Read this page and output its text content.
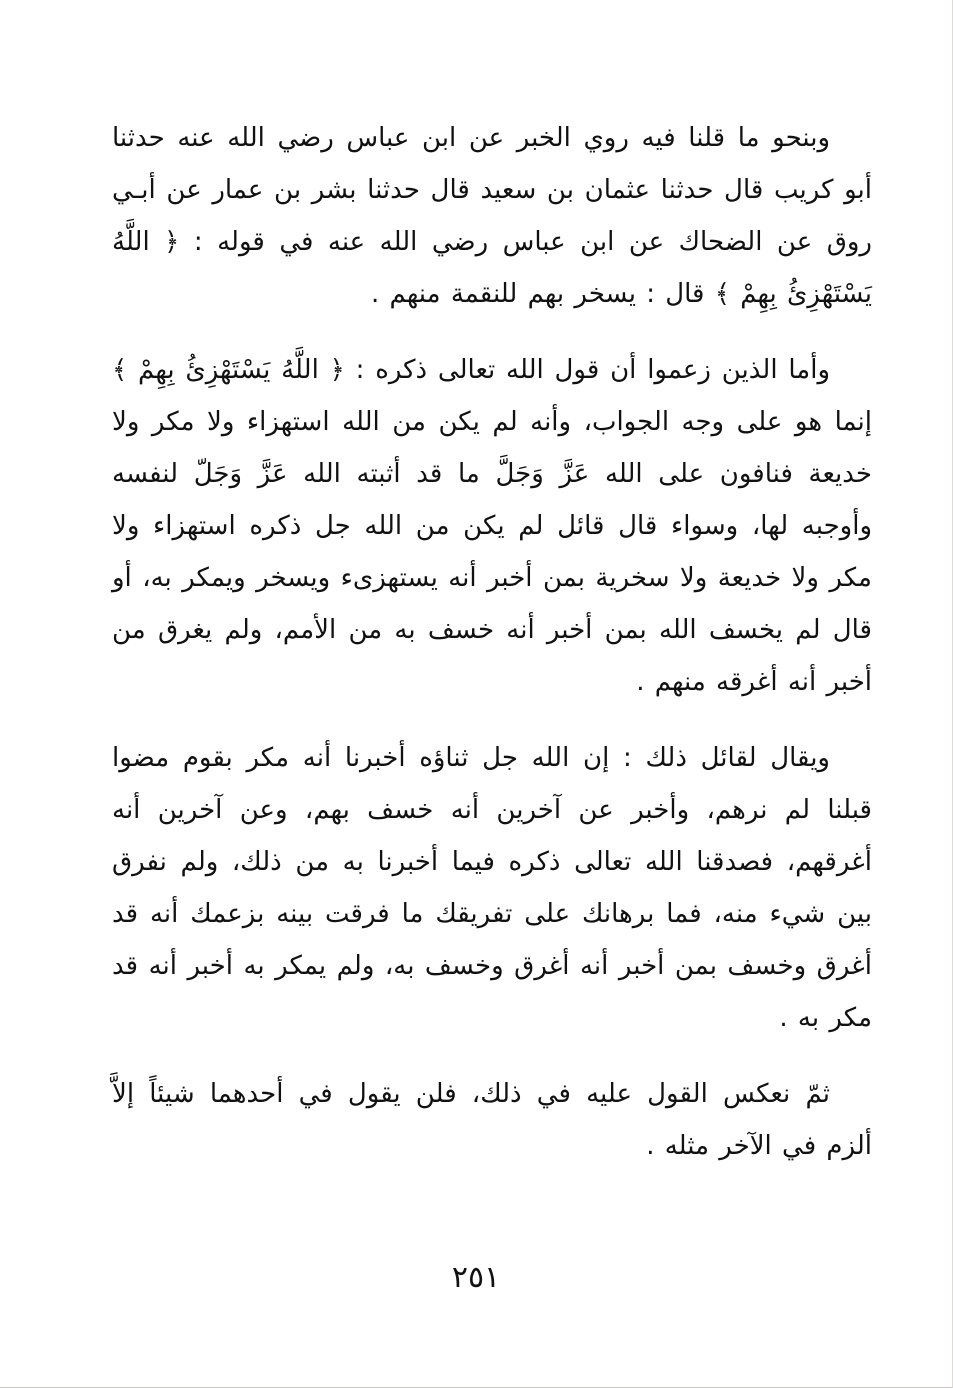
وبنحو ما قلنا فيه روي الخبر عن ابن عباس رضي الله عنه حدثنا أبو كريب قال حدثنا عثمان بن سعيد قال حدثنا بشر بن عمار عن أبـي روق عن الضحاك عن ابن عباس رضي الله عنه في قوله : ﴿ اللَّهُ يَسْتَهْزِئُ بِهِمْ ﴾ قال : يسخر بهم للنقمة منهم .

وأما الذين زعموا أن قول الله تعالى ذكره : ﴿ اللَّهُ يَسْتَهْزِئُ بِهِمْ ﴾ إنما هو على وجه الجواب، وأنه لم يكن من الله استهزاء ولا مكر ولا خديعة فنافون على الله عَزَّ وَجَلَّ ما قد أثبته الله عَزَّ وَجَلّ لنفسه وأوجبه لها، وسواء قال قائل لم يكن من الله جل ذكره استهزاء ولا مكر ولا خديعة ولا سخرية بمن أخبر أنه يستهزىء ويسخر ويمكر به، أو قال لم يخسف الله بمن أخبر أنه خسف به من الأمم، ولم يغرق من أخبر أنه أغرقه منهم .

ويقال لقائل ذلك : إن الله جل ثناؤه أخبرنا أنه مكر بقوم مضوا قبلنا لم نرهم، وأخبر عن آخرين أنه خسف بهم، وعن آخرين أنه أغرقهم، فصدقنا الله تعالى ذكره فيما أخبرنا به من ذلك، ولم نفرق بين شيء منه، فما برهانك على تفريقك ما فرقت بينه بزعمك أنه قد أغرق وخسف بمن أخبر أنه أغرق وخسف به، ولم يمكر به أخبر أنه قد مكر به .

ثمّ نعكس القول عليه في ذلك، فلن يقول في أحدهما شيئاً إلاَّ ألزم في الآخر مثله .

٢٥١
